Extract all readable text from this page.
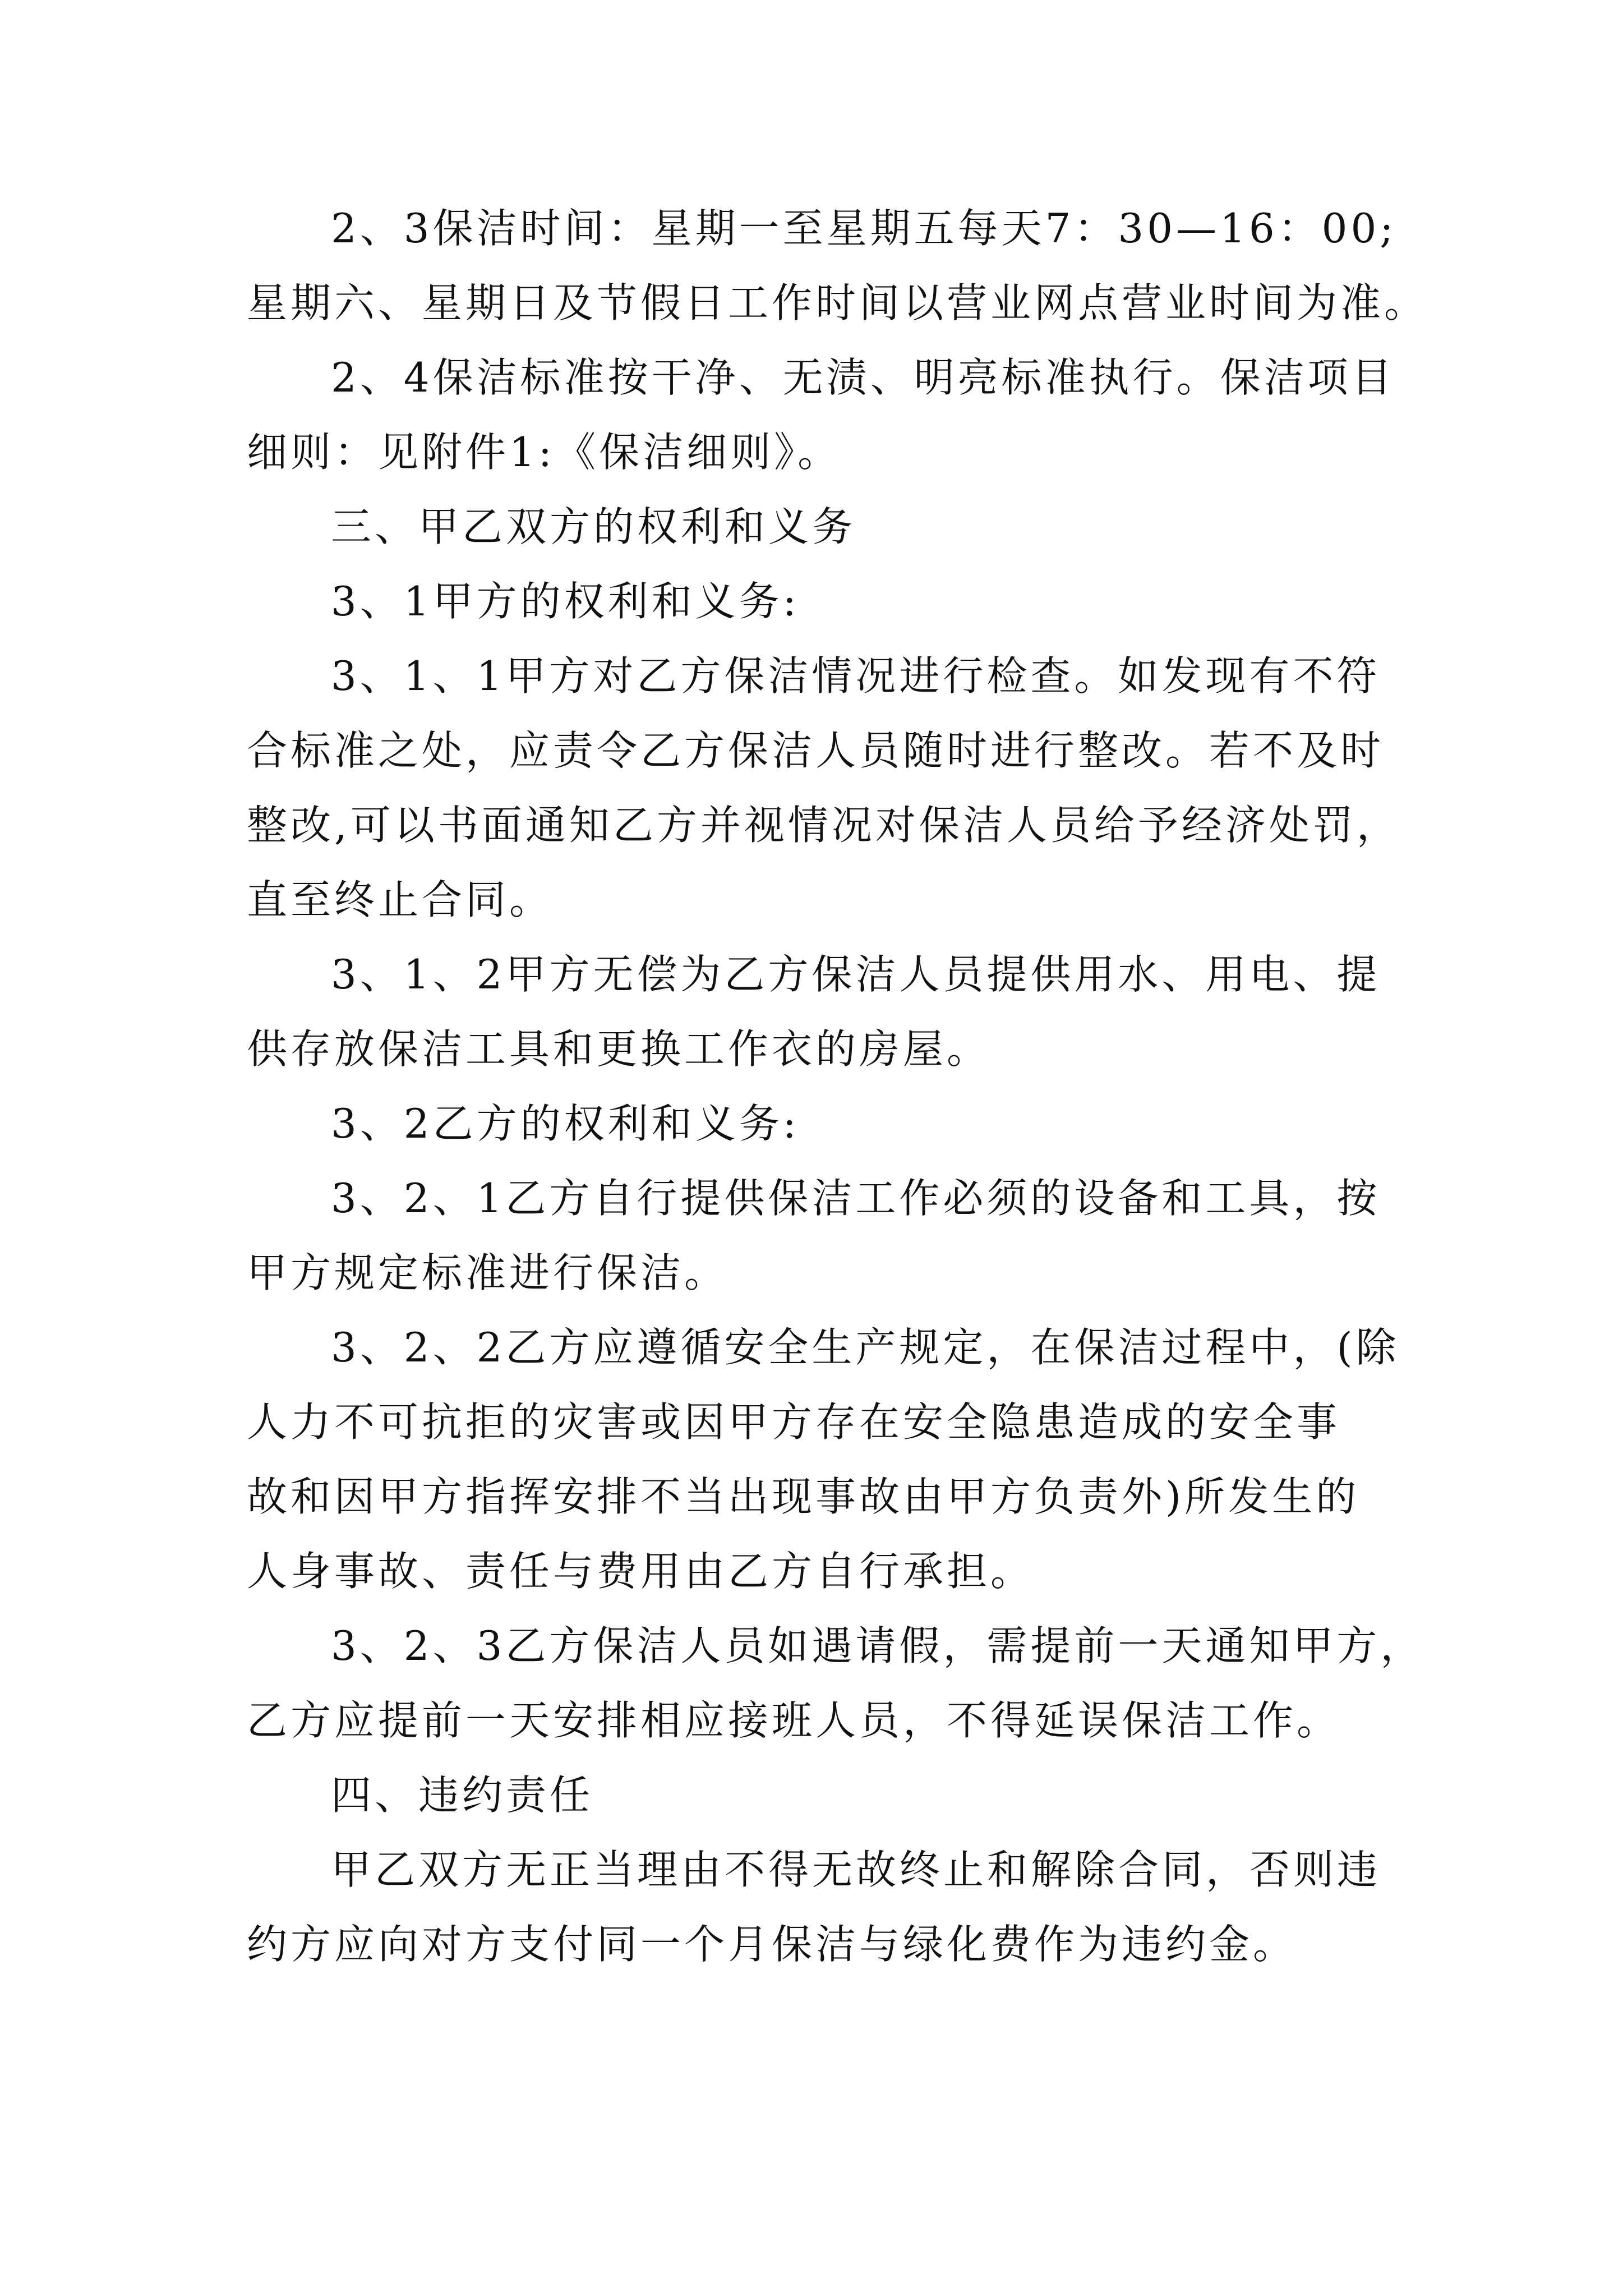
2、3保洁时间：星期一至星期五每天7：30—16：00;
星期六、星期日及节假日工作时间以营业网点营业时间为准。
2、4保洁标准按干净、无渍、明亮标准执行。保洁项目
细则：见附件1:《保洁细则》。
三、甲乙双方的权利和义务
3、1甲方的权利和义务:
3、1、1甲方对乙方保洁情况进行检查。如发现有不符
合标准之处，应责令乙方保洁人员随时进行整改。若不及时
整改,可以书面通知乙方并视情况对保洁人员给予经济处罚，
直至终止合同。
3、1、2甲方无偿为乙方保洁人员提供用水、用电、提
供存放保洁工具和更换工作衣的房屋。
3、2乙方的权利和义务:
3、2、1乙方自行提供保洁工作必须的设备和工具，按
甲方规定标准进行保洁。
3、2、2乙方应遵循安全生产规定，在保洁过程中，(除
人力不可抗拒的灾害或因甲方存在安全隐患造成的安全事
故和因甲方指挥安排不当出现事故由甲方负责外)所发生的
人身事故、责任与费用由乙方自行承担。
3、2、3乙方保洁人员如遇请假，需提前一天通知甲方，
乙方应提前一天安排相应接班人员，不得延误保洁工作。
四、违约责任
甲乙双方无正当理由不得无故终止和解除合同，否则违
约方应向对方支付同一个月保洁与绿化费作为违约金。
